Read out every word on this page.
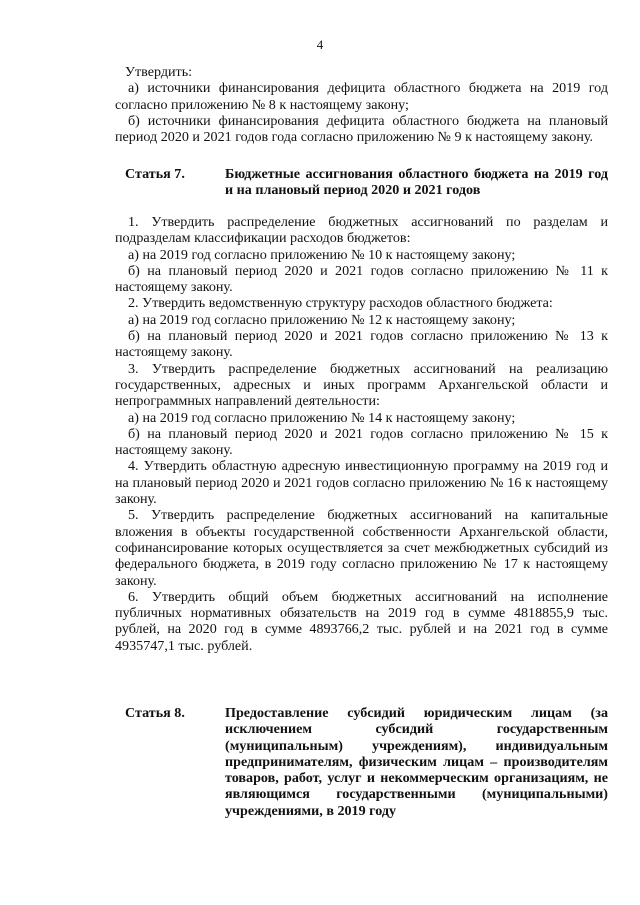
4

Утвердить:

а) источники финансирования дефицита областного бюджета на 2019 год согласно приложению № 8 к настоящему закону;

б) источники финансирования дефицита областного бюджета на плановый период 2020 и 2021 годов года согласно приложению № 9 к настоящему закону.

Статья 7.	Бюджетные ассигнования областного бюджета на 2019 год и на плановый период 2020 и 2021 годов

1. Утвердить распределение бюджетных ассигнований по разделам и подразделам классификации расходов бюджетов:

а) на 2019 год согласно приложению № 10 к настоящему закону;

б) на плановый период 2020 и 2021 годов согласно приложению № 11 к настоящему закону.

2. Утвердить ведомственную структуру расходов областного бюджета:

а) на 2019 год согласно приложению № 12 к настоящему закону;

б) на плановый период 2020 и 2021 годов согласно приложению № 13 к настоящему закону.

3. Утвердить распределение бюджетных ассигнований на реализацию государственных, адресных и иных программ Архангельской области и непрограммных направлений деятельности:

а) на 2019 год согласно приложению № 14 к настоящему закону;

б) на плановый период 2020 и 2021 годов согласно приложению № 15 к настоящему закону.

4. Утвердить областную адресную инвестиционную программу на 2019 год и на плановый период 2020 и 2021 годов согласно приложению № 16 к настоящему закону.

5. Утвердить распределение бюджетных ассигнований на капитальные вложения в объекты государственной собственности Архангельской области, софинансирование которых осуществляется за счет межбюджетных субсидий из федерального бюджета, в 2019 году согласно приложению № 17 к настоящему закону.

6. Утвердить общий объем бюджетных ассигнований на исполнение публичных нормативных обязательств на 2019 год в сумме 4818855,9 тыс. рублей, на 2020 год в сумме 4893766,2 тыс. рублей и на 2021 год в сумме 4935747,1 тыс. рублей.

Статья 8.	Предоставление субсидий юридическим лицам (за исключением субсидий государственным (муниципальным) учреждениям), индивидуальным предпринимателям, физическим лицам – производителям товаров, работ, услуг и некоммерческим организациям, не являющимся государственными (муниципальными) учреждениями, в 2019 году
